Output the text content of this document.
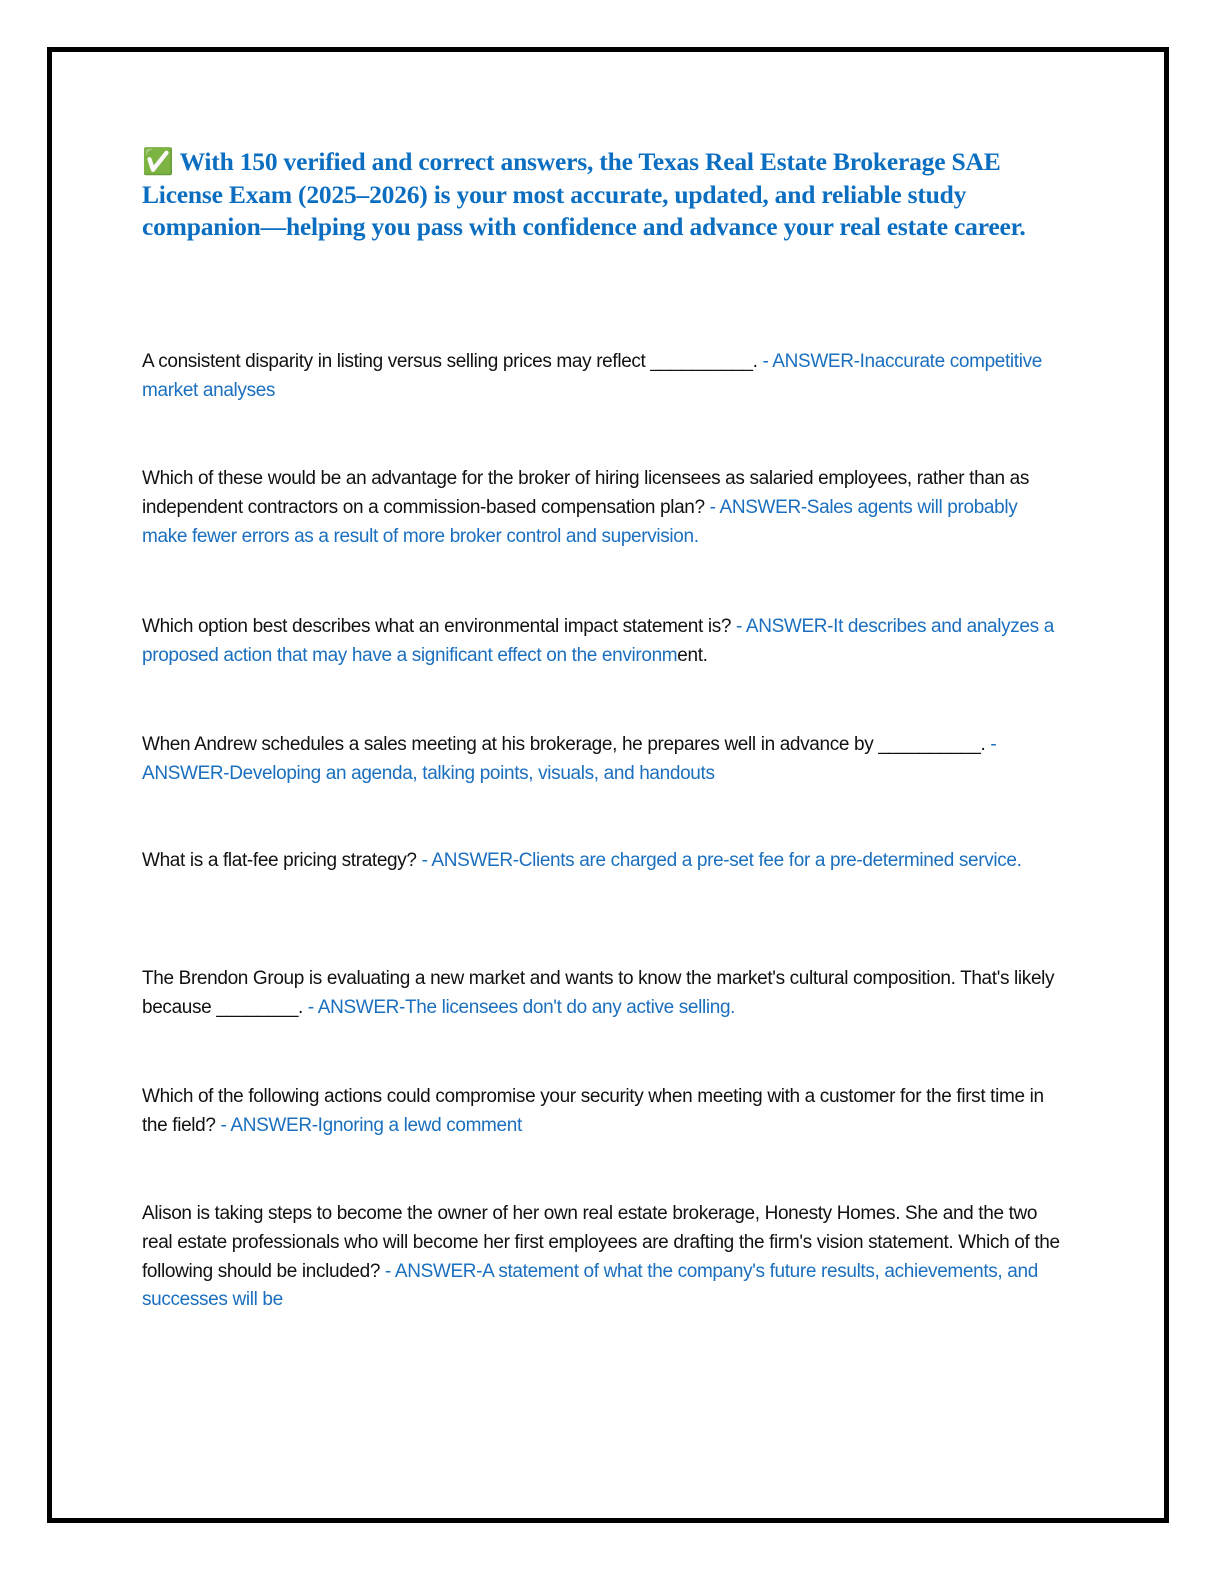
✅ With 150 verified and correct answers, the Texas Real Estate Brokerage SAE License Exam (2025–2026) is your most accurate, updated, and reliable study companion—helping you pass with confidence and advance your real estate career.

A consistent disparity in listing versus selling prices may reflect __________. - ANSWER-Inaccurate competitive market analyses

Which of these would be an advantage for the broker of hiring licensees as salaried employees, rather than as independent contractors on a commission-based compensation plan? - ANSWER-Sales agents will probably make fewer errors as a result of more broker control and supervision.

Which option best describes what an environmental impact statement is? - ANSWER-It describes and analyzes a proposed action that may have a significant effect on the environment.

When Andrew schedules a sales meeting at his brokerage, he prepares well in advance by __________. - ANSWER-Developing an agenda, talking points, visuals, and handouts

What is a flat-fee pricing strategy? - ANSWER-Clients are charged a pre-set fee for a pre-determined service.

The Brendon Group is evaluating a new market and wants to know the market's cultural composition. That's likely because ________. - ANSWER-The licensees don't do any active selling.

Which of the following actions could compromise your security when meeting with a customer for the first time in the field? - ANSWER-Ignoring a lewd comment

Alison is taking steps to become the owner of her own real estate brokerage, Honesty Homes. She and the two real estate professionals who will become her first employees are drafting the firm's vision statement. Which of the following should be included? - ANSWER-A statement of what the company's future results, achievements, and successes will be
